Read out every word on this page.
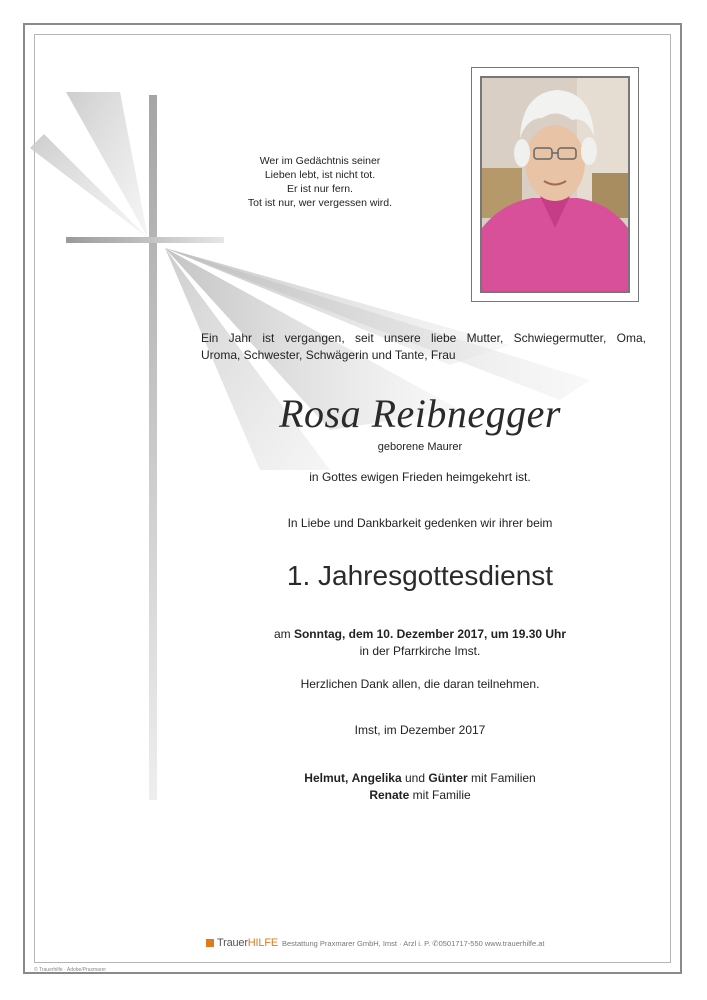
Wer im Gedächtnis seiner
Lieben lebt, ist nicht tot.
Er ist nur fern.
Tot ist nur, wer vergessen wird.
Ein Jahr ist vergangen, seit unsere liebe Mutter, Schwiegermutter, Oma,
Uroma, Schwester, Schwägerin und Tante, Frau
Rosa Reibnegger
geborene Maurer
in Gottes ewigen Frieden heimgekehrt ist.
In Liebe und Dankbarkeit gedenken wir ihrer beim
1. Jahresgottesdienst
am Sonntag, dem 10. Dezember 2017, um 19.30 Uhr
in der Pfarrkirche Imst.
Herzlichen Dank allen, die daran teilnehmen.
Imst, im Dezember 2017
Helmut, Angelika und Günter mit Familien
Renate mit Familie
TrauerHILFE Bestattung Praxmarer GmbH, Imst · Arzl i. P. ✆0501717-550 www.trauerhilfe.at
© Trauerhilfe · Adobe/Praxmarer
